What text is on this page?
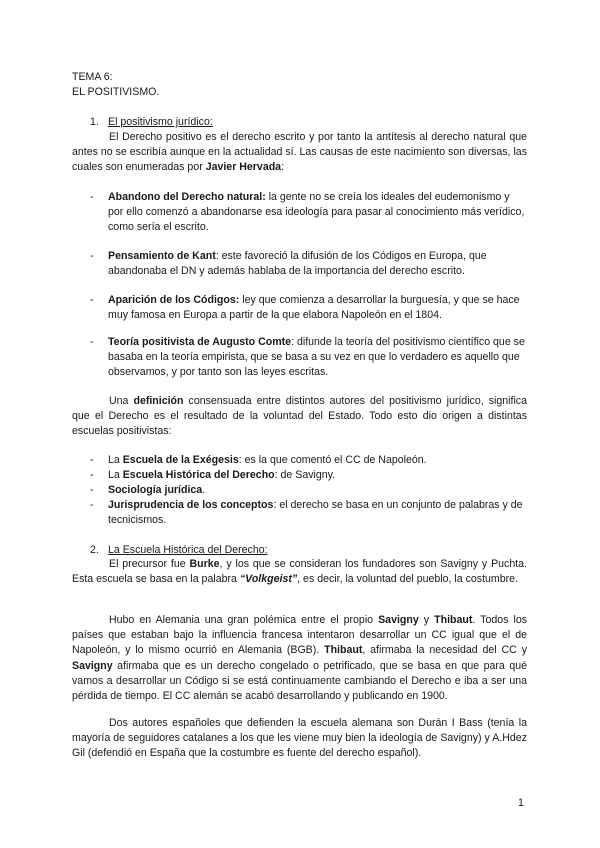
TEMA 6:
EL POSITIVISMO.
1. El positivismo jurídico:

El Derecho positivo es el derecho escrito y por tanto la antítesis al derecho natural que antes no se escribía aunque en la actualidad sí. Las causas de este nacimiento son diversas, las cuales son enumeradas por Javier Hervada:

- Abandono del Derecho natural: la gente no se creía los ideales del eudemonismo y por ello comenzó a abandonarse esa ideología para pasar al conocimiento más verídico, como sería el escrito.
- Pensamiento de Kant: este favoreció la difusión de los Códigos en Europa, que abandonaba el DN y además hablaba de la importancia del derecho escrito.
- Aparición de los Códigos: ley que comienza a desarrollar la burguesía, y que se hace muy famosa en Europa a partir de la que elabora Napoleón en el 1804.
- Teoría positivista de Augusto Comte: difunde la teoría del positivismo científico que se basaba en la teoría empirista, que se basa a su vez en que lo verdadero es aquello que observamos, y por tanto son las leyes escritas.

Una definición consensuada entre distintos autores del positivismo jurídico, significa que el Derecho es el resultado de la voluntad del Estado. Todo esto dio origen a distintas escuelas positivistas:

- La Escuela de la Exégesis: es la que comentó el CC de Napoleón.
- La Escuela Histórica del Derecho: de Savigny.
- Sociología jurídica.
- Jurisprudencia de los conceptos: el derecho se basa en un conjunto de palabras y de tecnicismos.
2. La Escuela Histórica del Derecho:

El precursor fue Burke, y los que se consideran los fundadores son Savigny y Puchta. Esta escuela se basa en la palabra “Volkgeist”, es decir, la voluntad del pueblo, la costumbre.

Hubo en Alemania una gran polémica entre el propio Savigny y Thibaut. Todos los países que estaban bajo la influencia francesa intentaron desarrollar un CC igual que el de Napoleón, y lo mismo ocurrió en Alemania (BGB). Thibaut, afirmaba la necesidad del CC y Savigny afirmaba que es un derecho congelado o petrificado, que se basa en que para qué vamos a desarrollar un Código si se está continuamente cambiando el Derecho e iba a ser una pérdida de tiempo. El CC alemán se acabó desarrollando y publicando en 1900.

Dos autores españoles que defienden la escuela alemana son Durán I Bass (tenía la mayoría de seguidores catalanes a los que les viene muy bien la ideología de Savigny) y A.Hdez Gil (defendió en España que la costumbre es fuente del derecho español).

1
